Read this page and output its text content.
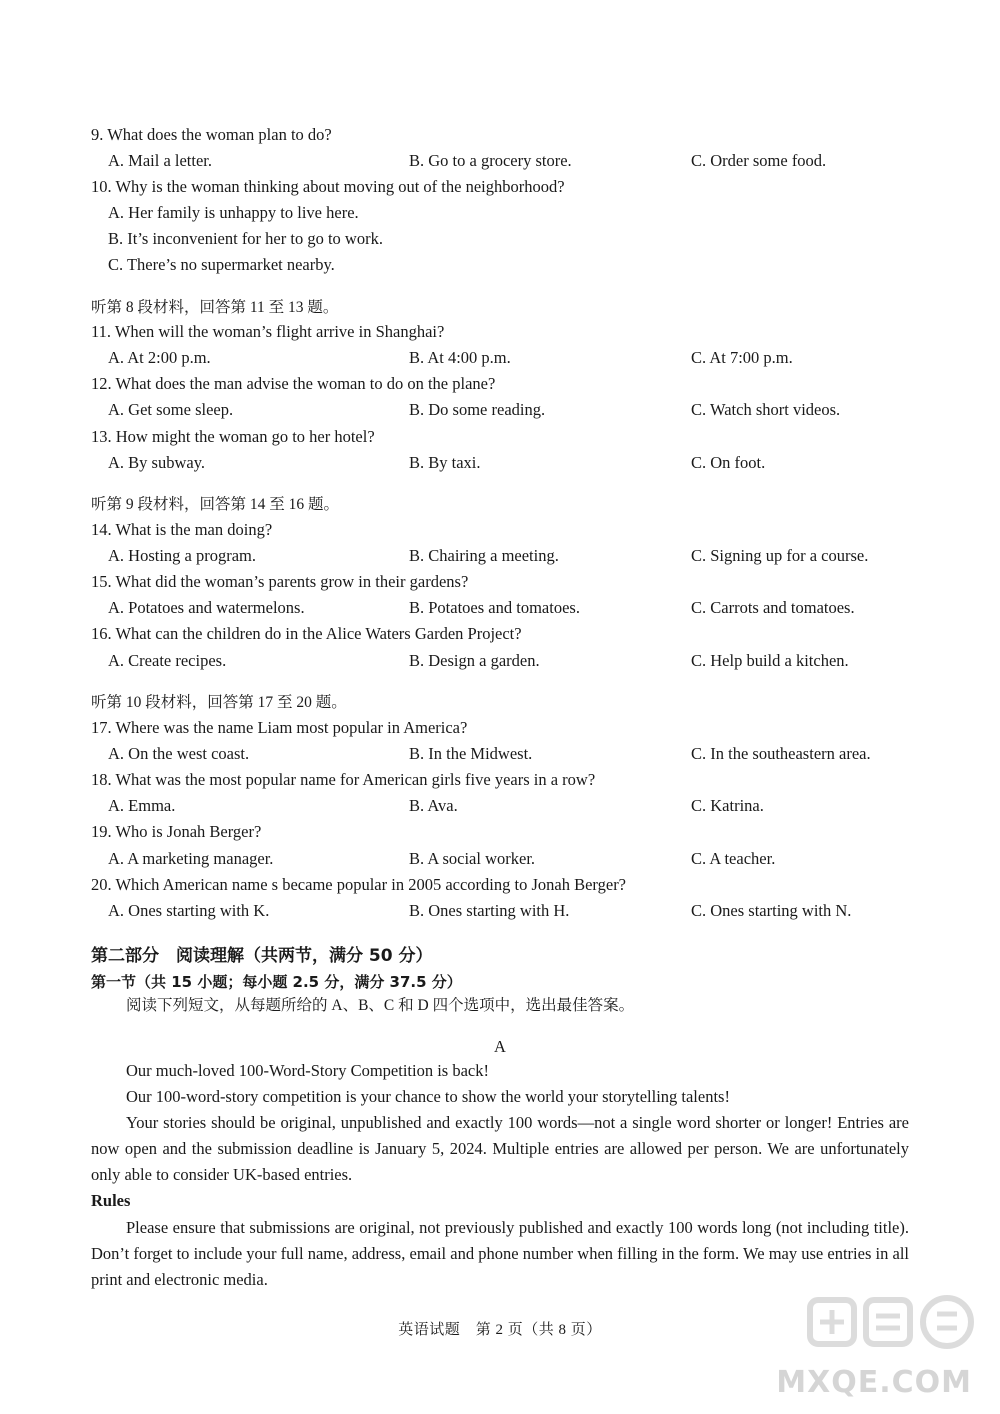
9. What does the woman plan to do?
A. Mail a letter.	B. Go to a grocery store.	C. Order some food.
10. Why is the woman thinking about moving out of the neighborhood?
A. Her family is unhappy to live here.
B. It’s inconvenient for her to go to work.
C. There’s no supermarket nearby.
听第 8 段材料，回答第 11 至 13 题。
11. When will the woman’s flight arrive in Shanghai?
A. At 2:00 p.m.	B. At 4:00 p.m.	C. At 7:00 p.m.
12. What does the man advise the woman to do on the plane?
A. Get some sleep.	B. Do some reading.	C. Watch short videos.
13. How might the woman go to her hotel?
A. By subway.	B. By taxi.	C. On foot.
听第 9 段材料，回答第 14 至 16 题。
14. What is the man doing?
A. Hosting a program.	B. Chairing a meeting.	C. Signing up for a course.
15. What did the woman’s parents grow in their gardens?
A. Potatoes and watermelons.	B. Potatoes and tomatoes.	C. Carrots and tomatoes.
16. What can the children do in the Alice Waters Garden Project?
A. Create recipes.	B. Design a garden.	C. Help build a kitchen.
听第 10 段材料，回答第 17 至 20 题。
17. Where was the name Liam most popular in America?
A. On the west coast.	B. In the Midwest.	C. In the southeastern area.
18. What was the most popular name for American girls five years in a row?
A. Emma.	B. Ava.	C. Katrina.
19. Who is Jonah Berger?
A. A marketing manager.	B. A social worker.	C. A teacher.
20. Which American name s became popular in 2005 according to Jonah Berger?
A. Ones starting with K.	B. Ones starting with H.	C. Ones starting with N.
第二部分　阅读理解（共两节，满分 50 分）
第一节（共 15 小题；每小题 2.5 分，满分 37.5 分）
阅读下列短文，从每题所给的 A、B、C 和 D 四个选项中，选出最佳答案。
A
Our much-loved 100-Word-Story Competition is back!
Our 100-word-story competition is your chance to show the world your storytelling talents!
Your stories should be original, unpublished and exactly 100 words—not a single word shorter or longer! Entries are now open and the submission deadline is January 5, 2024. Multiple entries are allowed per person. We are unfortunately only able to consider UK-based entries.
Rules
Please ensure that submissions are original, not previously published and exactly 100 words long (not including title). Don’t forget to include your full name, address, email and phone number when filling in the form. We may use entries in all print and electronic media.
英语试题　第 2 页（共 8 页）
MXQE.COM
